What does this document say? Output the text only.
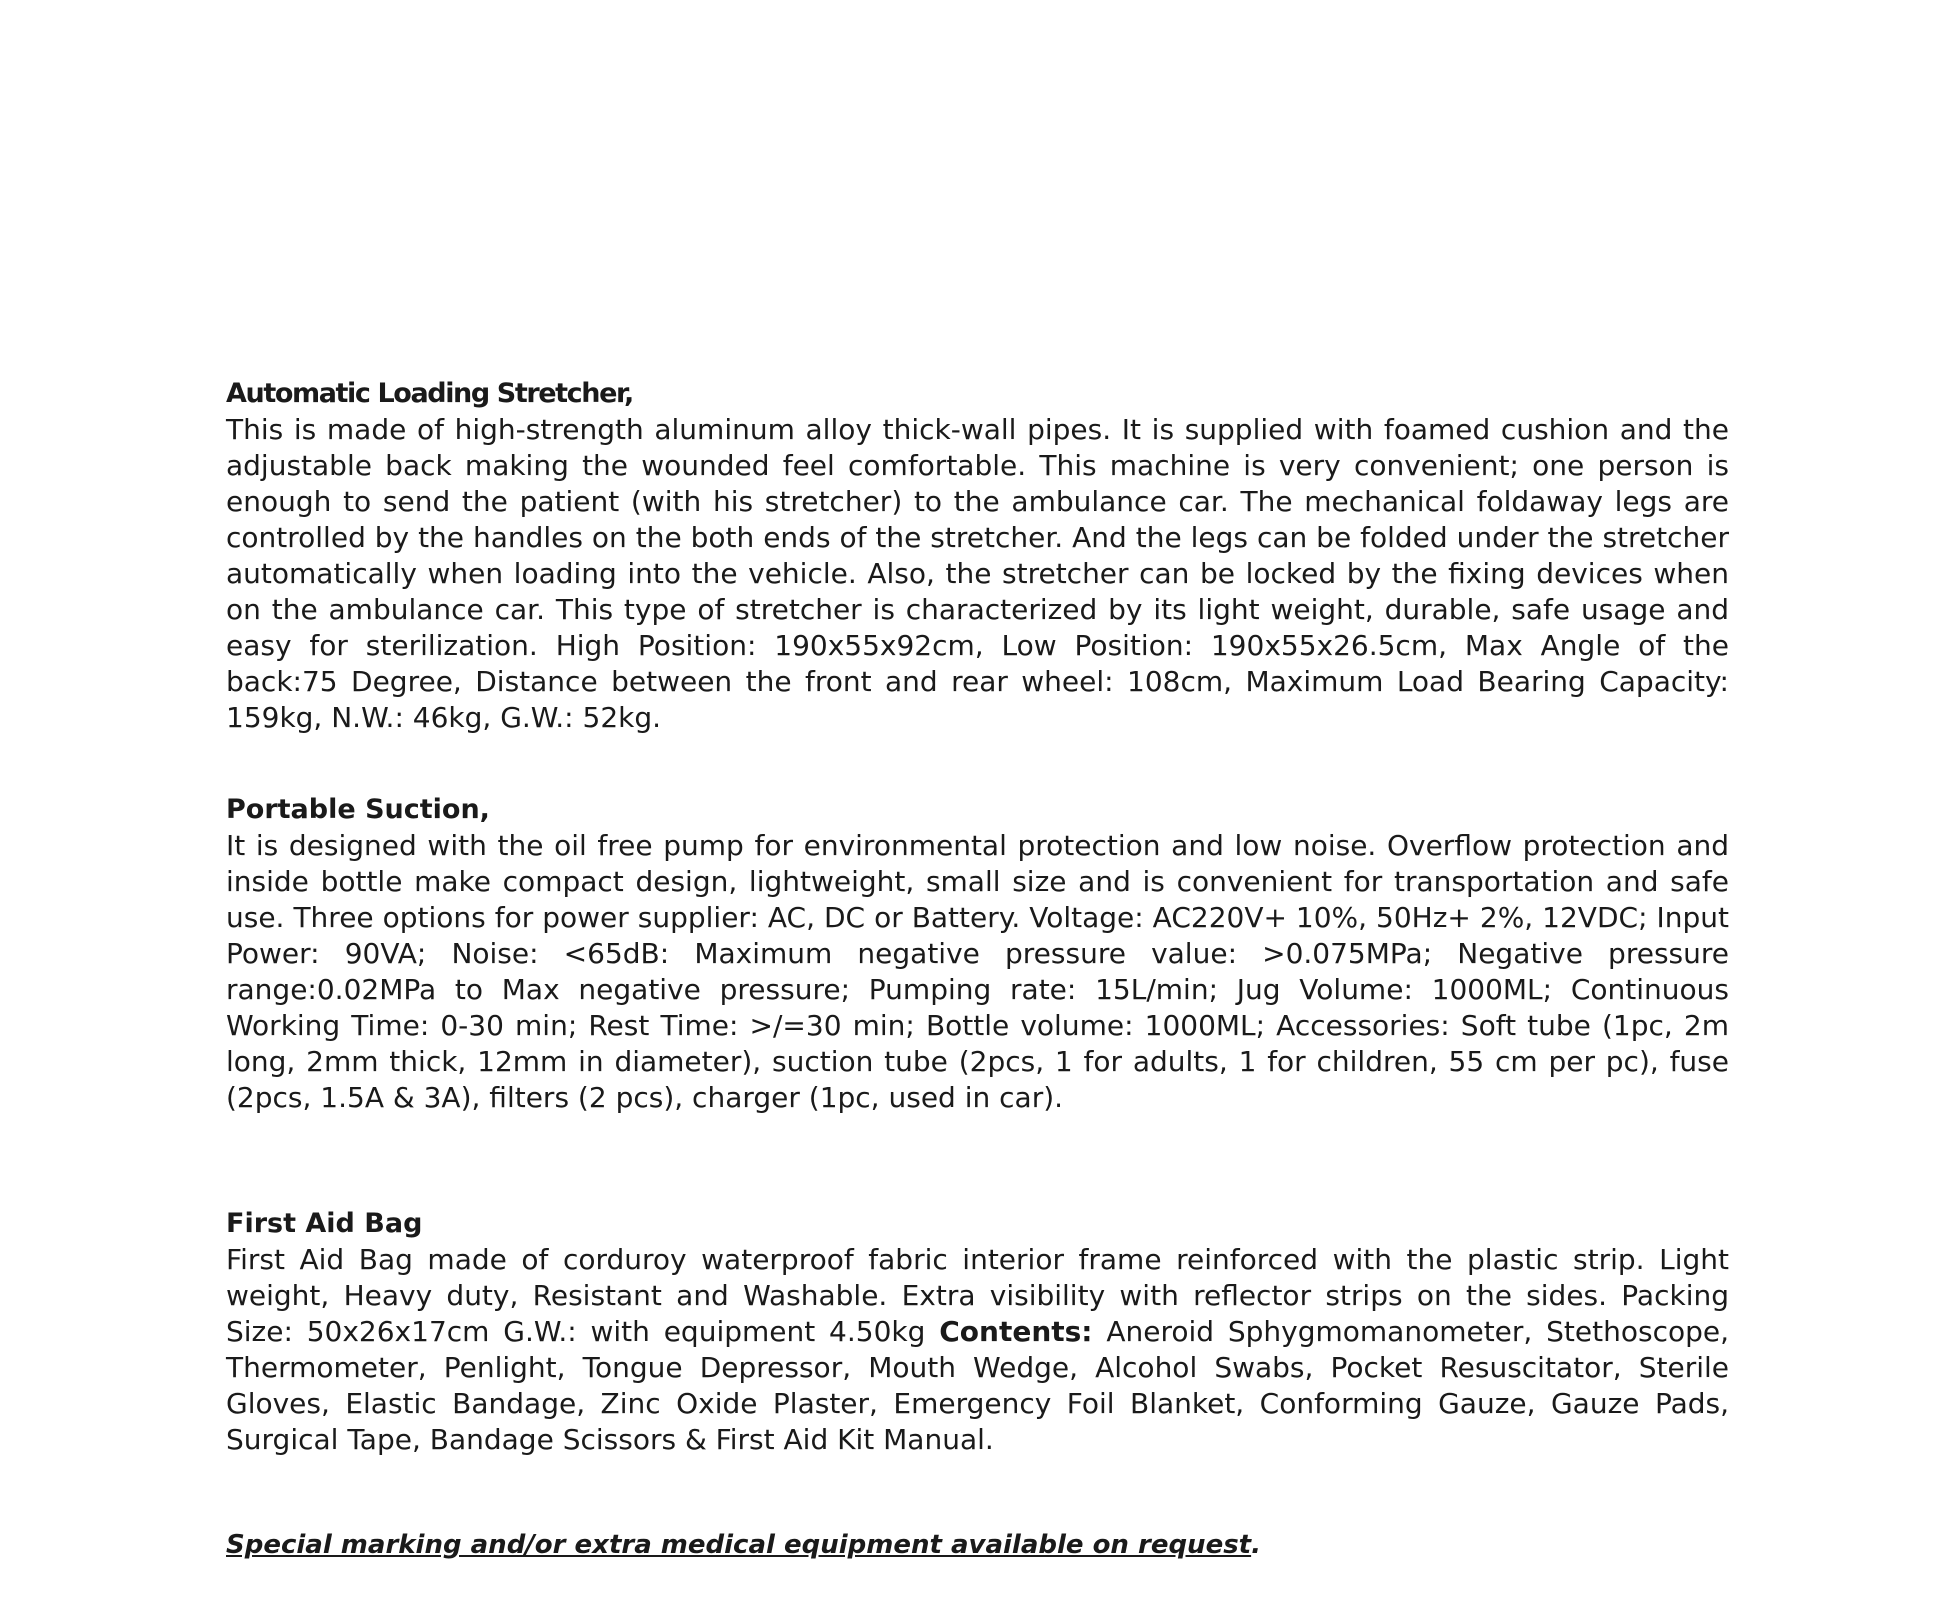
Automatic Loading Stretcher,

This is made of high-strength aluminum alloy thick-wall pipes. It is supplied with foamed cushion and the adjustable back making the wounded feel comfortable. This machine is very convenient; one person is enough to send the patient (with his stretcher) to the ambulance car. The mechanical foldaway legs are controlled by the handles on the both ends of the stretcher. And the legs can be folded under the stretcher automatically when loading into the vehicle. Also, the stretcher can be locked by the fixing devices when on the ambulance car. This type of stretcher is characterized by its light weight, durable, safe usage and easy for sterilization. High Position: 190x55x92cm, Low Position: 190x55x26.5cm, Max Angle of the back:75 Degree, Distance between the front and rear wheel: 108cm, Maximum Load Bearing Capacity: 159kg, N.W.: 46kg, G.W.: 52kg.

Portable Suction,

It is designed with the oil free pump for environmental protection and low noise. Overflow protection and inside bottle make compact design, lightweight, small size and is convenient for transportation and safe use. Three options for power supplier: AC, DC or Battery. Voltage: AC220V+ 10%, 50Hz+ 2%, 12VDC; Input Power: 90VA; Noise: <65dB: Maximum negative pressure value: >0.075MPa; Negative pressure range:0.02MPa to Max negative pressure; Pumping rate: 15L/min; Jug Volume: 1000ML; Continuous Working Time: 0-30 min; Rest Time: >/=30 min; Bottle volume: 1000ML; Accessories: Soft tube (1pc, 2m long, 2mm thick, 12mm in diameter), suction tube (2pcs, 1 for adults, 1 for children, 55 cm per pc), fuse (2pcs, 1.5A & 3A), filters (2 pcs), charger (1pc, used in car).

First Aid Bag

First Aid Bag made of corduroy waterproof fabric interior frame reinforced with the plastic strip. Light weight, Heavy duty, Resistant and Washable. Extra visibility with reflector strips on the sides. Packing Size: 50x26x17cm G.W.: with equipment 4.50kg Contents: Aneroid Sphygmomanometer, Stethoscope, Thermometer, Penlight, Tongue Depressor, Mouth Wedge, Alcohol Swabs, Pocket Resuscitator, Sterile Gloves, Elastic Bandage, Zinc Oxide Plaster, Emergency Foil Blanket, Conforming Gauze, Gauze Pads, Surgical Tape, Bandage Scissors & First Aid Kit Manual.

Special marking and/or extra medical equipment available on request.
